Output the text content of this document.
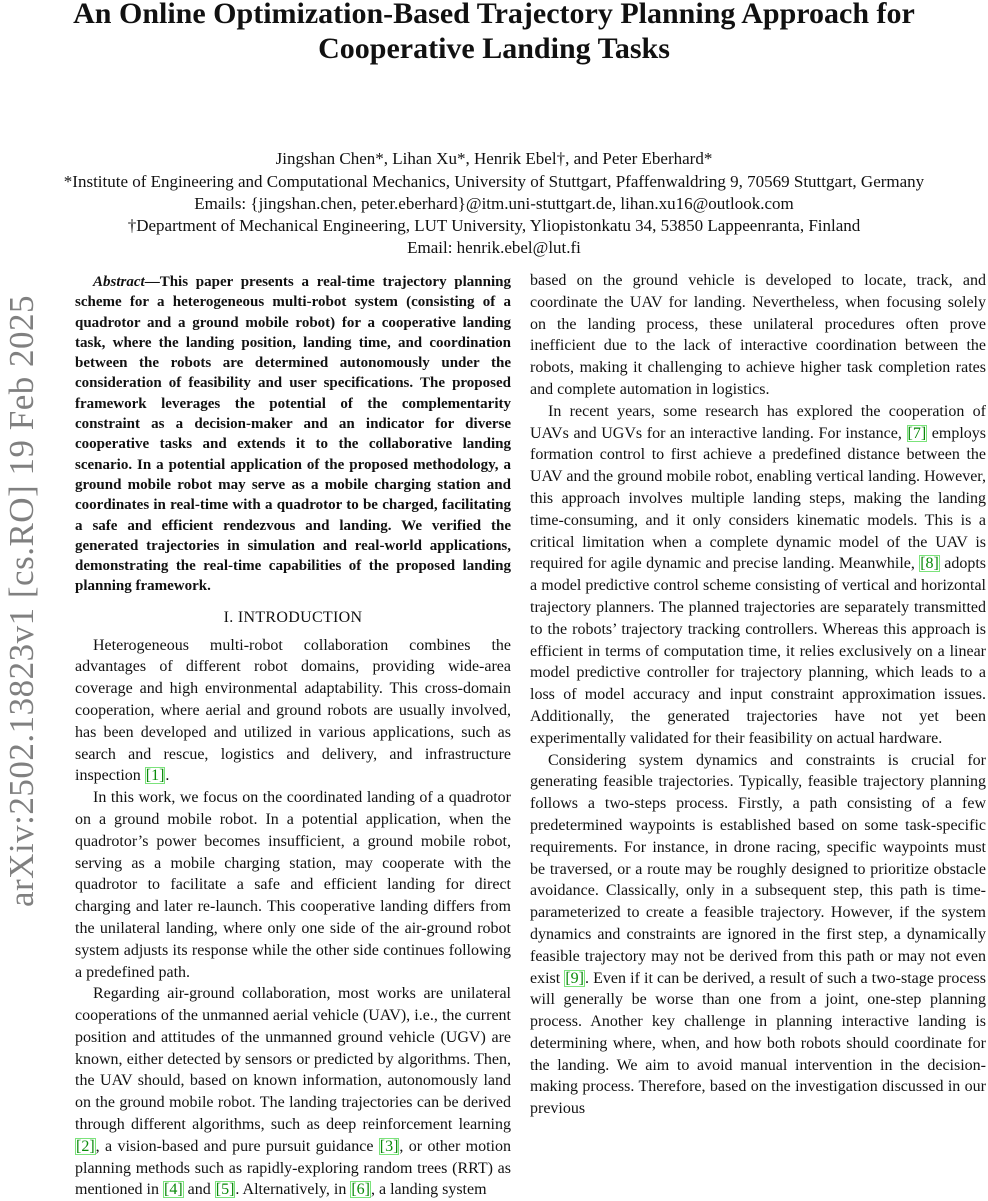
An Online Optimization-Based Trajectory Planning Approach for
Cooperative Landing Tasks
Jingshan Chen*, Lihan Xu*, Henrik Ebel†, and Peter Eberhard*
*Institute of Engineering and Computational Mechanics, University of Stuttgart, Pfaffenwaldring 9, 70569 Stuttgart, Germany
Emails: {jingshan.chen, peter.eberhard}@itm.uni-stuttgart.de, lihan.xu16@outlook.com
†Department of Mechanical Engineering, LUT University, Yliopistonkatu 34, 53850 Lappeenranta, Finland
Email: henrik.ebel@lut.fi
arXiv:2502.13823v1 [cs.RO] 19 Feb 2025

Abstract—This paper presents a real-time trajectory planning scheme for a heterogeneous multi-robot system (consisting of a quadrotor and a ground mobile robot) for a cooperative landing task, where the landing position, landing time, and coordination between the robots are determined autonomously under the consideration of feasibility and user specifications. The proposed framework leverages the potential of the complementarity constraint as a decision-maker and an indicator for diverse cooperative tasks and extends it to the collaborative landing scenario. In a potential application of the proposed methodology, a ground mobile robot may serve as a mobile charging station and coordinates in real-time with a quadrotor to be charged, facilitating a safe and efficient rendezvous and landing. We verified the generated trajectories in simulation and real-world applications, demonstrating the real-time capabilities of the proposed landing planning framework.

I. INTRODUCTION

Heterogeneous multi-robot collaboration combines the advantages of different robot domains, providing wide-area coverage and high environmental adaptability. This cross-domain cooperation, where aerial and ground robots are usually involved, has been developed and utilized in various applications, such as search and rescue, logistics and delivery, and infrastructure inspection [1].

In this work, we focus on the coordinated landing of a quadrotor on a ground mobile robot. In a potential application, when the quadrotor’s power becomes insufficient, a ground mobile robot, serving as a mobile charging station, may cooperate with the quadrotor to facilitate a safe and efficient landing for direct charging and later re-launch. This cooperative landing differs from the unilateral landing, where only one side of the air-ground robot system adjusts its response while the other side continues following a predefined path.

Regarding air-ground collaboration, most works are unilateral cooperations of the unmanned aerial vehicle (UAV), i.e., the current position and attitudes of the unmanned ground vehicle (UGV) are known, either detected by sensors or predicted by algorithms. Then, the UAV should, based on known information, autonomously land on the ground mobile robot. The landing trajectories can be derived through different algorithms, such as deep reinforcement learning [2], a vision-based and pure pursuit guidance [3], or other motion planning methods such as rapidly-exploring random trees (RRT) as mentioned in [4] and [5]. Alternatively, in [6], a landing system

based on the ground vehicle is developed to locate, track, and coordinate the UAV for landing. Nevertheless, when focusing solely on the landing process, these unilateral procedures often prove inefficient due to the lack of interactive coordination between the robots, making it challenging to achieve higher task completion rates and complete automation in logistics.

In recent years, some research has explored the cooperation of UAVs and UGVs for an interactive landing. For instance, [7] employs formation control to first achieve a predefined distance between the UAV and the ground mobile robot, enabling vertical landing. However, this approach involves multiple landing steps, making the landing time-consuming, and it only considers kinematic models. This is a critical limitation when a complete dynamic model of the UAV is required for agile dynamic and precise landing. Meanwhile, [8] adopts a model predictive control scheme consisting of vertical and horizontal trajectory planners. The planned trajectories are separately transmitted to the robots’ trajectory tracking controllers. Whereas this approach is efficient in terms of computation time, it relies exclusively on a linear model predictive controller for trajectory planning, which leads to a loss of model accuracy and input constraint approximation issues. Additionally, the generated trajectories have not yet been experimentally validated for their feasibility on actual hardware.

Considering system dynamics and constraints is crucial for generating feasible trajectories. Typically, feasible trajectory planning follows a two-steps process. Firstly, a path consisting of a few predetermined waypoints is established based on some task-specific requirements. For instance, in drone racing, specific waypoints must be traversed, or a route may be roughly designed to prioritize obstacle avoidance. Classically, only in a subsequent step, this path is time-parameterized to create a feasible trajectory. However, if the system dynamics and constraints are ignored in the first step, a dynamically feasible trajectory may not be derived from this path or may not even exist [9]. Even if it can be derived, a result of such a two-stage process will generally be worse than one from a joint, one-step planning process. Another key challenge in planning interactive landing is determining where, when, and how both robots should coordinate for the landing. We aim to avoid manual intervention in the decision-making process. Therefore, based on the investigation discussed in our previous
